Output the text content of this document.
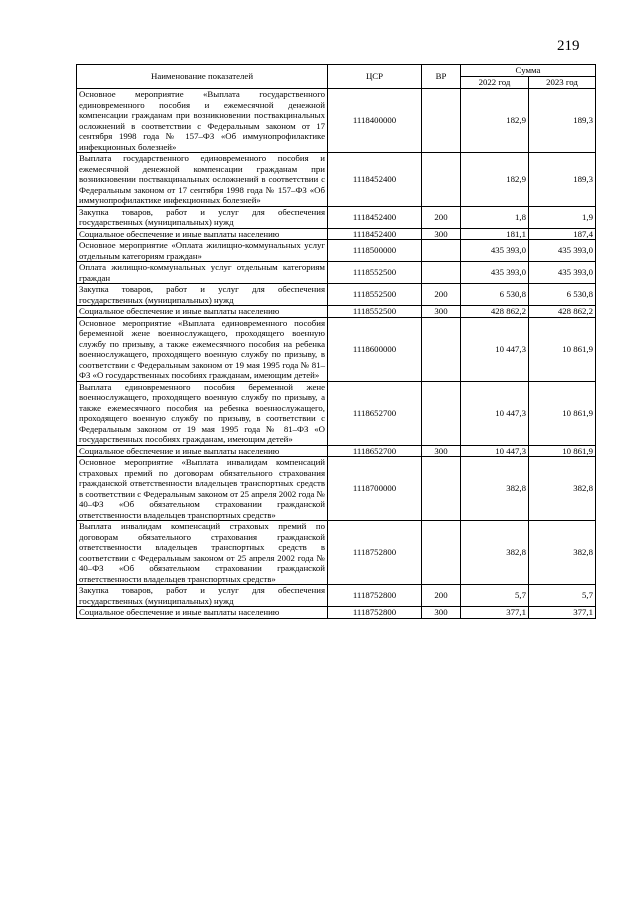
219
Наименование показателей	ЦСР	ВР	Сумма	
			2022 год	2023 год
Основное мероприятие «Выплата государственного единовременного пособия и ежемесячной денежной компенсации гражданам при возникновении поствакцинальных осложнений в соответствии с Федеральным законом от 17 сентября 1998 года № 157–ФЗ «Об иммунопрофилактике инфекционных болезней»	1118400000		182,9	189,3
Выплата государственного единовременного пособия и ежемесячной денежной компенсации гражданам при возникновении поствакцинальных осложнений в соответствии с Федеральным законом от 17 сентября 1998 года № 157–ФЗ «Об иммунопрофилактике инфекционных болезней»	1118452400		182,9	189,3
Закупка товаров, работ и услуг для обеспечения государственных (муниципальных) нужд	1118452400	200	1,8	1,9
Социальное обеспечение и иные выплаты населению	1118452400	300	181,1	187,4
Основное мероприятие «Оплата жилищно-коммунальных услуг отдельным категориям граждан»	1118500000		435 393,0	435 393,0
Оплата жилищно-коммунальных услуг отдельным категориям граждан	1118552500		435 393,0	435 393,0
Закупка товаров, работ и услуг для обеспечения государственных (муниципальных) нужд	1118552500	200	6 530,8	6 530,8
Социальное обеспечение и иные выплаты населению	1118552500	300	428 862,2	428 862,2
Основное мероприятие «Выплата единовременного пособия беременной жене военнослужащего, проходящего военную службу по призыву, а также ежемесячного пособия на ребенка военнослужащего, проходящего военную службу по призыву, в соответствии с Федеральным законом от 19 мая 1995 года № 81–ФЗ «О государственных пособиях гражданам, имеющим детей»	1118600000		10 447,3	10 861,9
Выплата единовременного пособия беременной жене военнослужащего, проходящего военную службу по призыву, а также ежемесячного пособия на ребенка военнослужащего, проходящего военную службу по призыву, в соответствии с Федеральным законом от 19 мая 1995 года № 81–ФЗ «О государственных пособиях гражданам, имеющим детей»	1118652700		10 447,3	10 861,9
Социальное обеспечение и иные выплаты населению	1118652700	300	10 447,3	10 861,9
Основное мероприятие «Выплата инвалидам компенсаций страховых премий по договорам обязательного страхования гражданской ответственности владельцев транспортных средств в соответствии с Федеральным законом от 25 апреля 2002 года № 40–ФЗ «Об обязательном страховании гражданской ответственности владельцев транспортных средств»	1118700000		382,8	382,8
Выплата инвалидам компенсаций страховых премий по договорам обязательного страхования гражданской ответственности владельцев транспортных средств в соответствии с Федеральным законом от 25 апреля 2002 года № 40–ФЗ «Об обязательном страховании гражданской ответственности владельцев транспортных средств»	1118752800		382,8	382,8
Закупка товаров, работ и услуг для обеспечения государственных (муниципальных) нужд	1118752800	200	5,7	5,7
Социальное обеспечение и иные выплаты населению	1118752800	300	377,1	377,1
